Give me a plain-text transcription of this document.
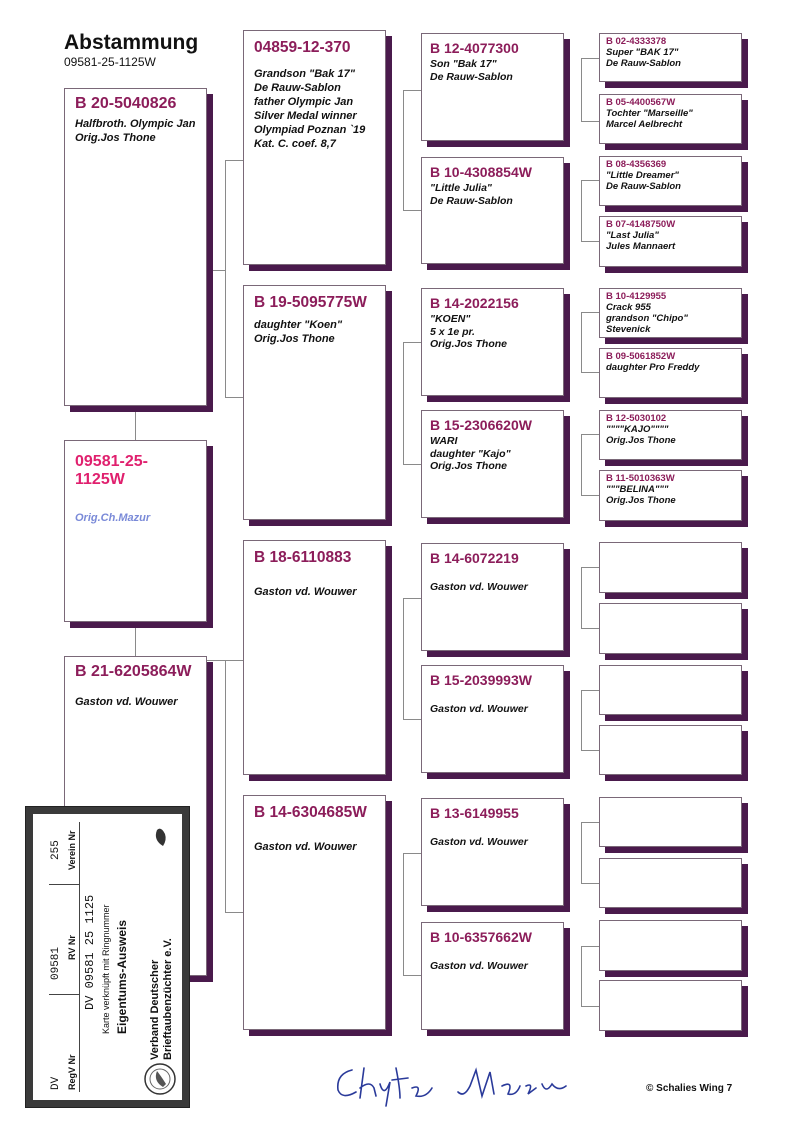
Abstammung
09581-25-1125W
B 20-5040826
Halfbroth. Olympic Jan
Orig.Jos Thone
09581-25-1125W
Orig.Ch.Mazur
B 21-6205864W
Gaston vd. Wouwer
04859-12-370
Grandson "Bak 17"
De Rauw-Sablon
father Olympic Jan
Silver Medal winner
Olympiad Poznan `19
Kat. C. coef. 8,7
B 19-5095775W
daughter "Koen"
Orig.Jos Thone
B 18-6110883
Gaston vd. Wouwer
B 14-6304685W
Gaston vd. Wouwer
B 12-4077300
Son "Bak 17"
De Rauw-Sablon
B 10-4308854W
"Little Julia"
De Rauw-Sablon
B 14-2022156
"KOEN"
5 x 1e pr.
Orig.Jos Thone
B 15-2306620W
WARI
daughter "Kajo"
Orig.Jos Thone
B 14-6072219

Gaston vd. Wouwer
B 15-2039993W

Gaston vd. Wouwer
B 13-6149955

Gaston vd. Wouwer
B 10-6357662W

Gaston vd. Wouwer
B 02-4333378
Super "BAK 17"
De Rauw-Sablon
B 05-4400567W
Tochter "Marseille"
Marcel Aelbrecht
B 08-4356369
"Little Dreamer"
De Rauw-Sablon
B 07-4148750W
"Last Julia"
Jules Mannaert
B 10-4129955
Crack 955
grandson "Chipo"
Stevenick
B 09-5061852W
daughter Pro Freddy
B 12-5030102
""""KAJO""""
Orig.Jos Thone
B 11-5010363W
"""BELINA"""
Orig.Jos Thone
Verband Deutscher Brieftaubenzüchter e.V.
Eigentums-Ausweis
Karte verknüpft mit Ringnummer
DV 09581 25 1125
RegV Nr
DV
RV Nr
09581
Verein Nr
255
© Schalies Wing 7
